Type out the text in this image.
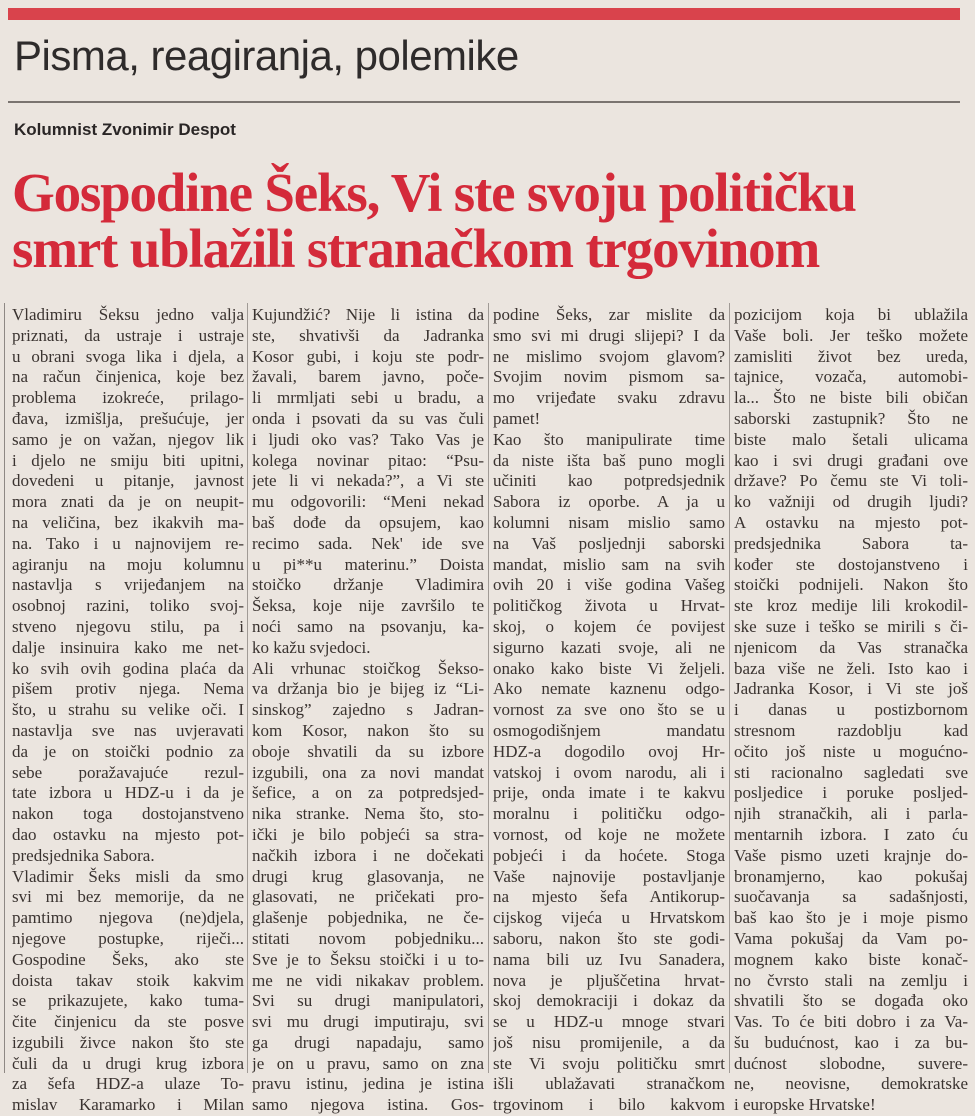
Pisma, reagiranja, polemike
Kolumnist Zvonimir Despot
Gospodine Šeks, Vi ste svoju političku
smrt ublažili stranačkom trgovinom
Vladimiru Šeksu jedno valja
priznati, da ustraje i ustraje
u obrani svoga lika i djela, a
na račun činjenica, koje bez
problema izokreće, prilago-
đava, izmišlja, prešućuje, jer
samo je on važan, njegov lik
i djelo ne smiju biti upitni,
dovedeni u pitanje, javnost
mora znati da je on neupit-
na veličina, bez ikakvih ma-
na. Tako i u najnovijem re-
agiranju na moju kolumnu
nastavlja s vrijeđanjem na
osobnoj razini, toliko svoj-
stveno njegovu stilu, pa i
dalje insinuira kako me net-
ko svih ovih godina plaća da
pišem protiv njega. Nema
što, u strahu su velike oči. I
nastavlja sve nas uvjeravati
da je on stoički podnio za
sebe poražavajuće rezul-
tate izbora u HDZ-u i da je
nakon toga dostojanstveno
dao ostavku na mjesto pot-
predsjednika Sabora.
Vladimir Šeks misli da smo
svi mi bez memorije, da ne
pamtimo njegova (ne)djela,
njegove postupke, riječi...
Gospodine Šeks, ako ste
doista takav stoik kakvim
se prikazujete, kako tuma-
čite činjenicu da ste posve
izgubili živce nakon što ste
čuli da u drugi krug izbora
za šefa HDZ-a ulaze To-
mislav Karamarko i Milan
Kujundžić? Nije li istina da
ste, shvativši da Jadranka
Kosor gubi, i koju ste podr-
žavali, barem javno, poče-
li mrmljati sebi u bradu, a
onda i psovati da su vas čuli
i ljudi oko vas? Tako Vas je
kolega novinar pitao: “Psu-
jete li vi nekada?”, a Vi ste
mu odgovorili: “Meni nekad
baš dođe da opsujem, kao
recimo sada. Nek' ide sve
u pi**u materinu.” Doista
stoičko držanje Vladimira
Šeksa, koje nije završilo te
noći samo na psovanju, ka-
ko kažu svjedoci.
Ali vrhunac stoičkog Šekso-
va držanja bio je bijeg iz “Li-
sinskog” zajedno s Jadran-
kom Kosor, nakon što su
oboje shvatili da su izbore
izgubili, ona za novi mandat
šefice, a on za potpredsjed-
nika stranke. Nema što, sto-
ički je bilo pobjeći sa stra-
načkih izbora i ne dočekati
drugi krug glasovanja, ne
glasovati, ne pričekati pro-
glašenje pobjednika, ne če-
stitati novom pobjedniku...
Sve je to Šeksu stoički i u to-
me ne vidi nikakav problem.
Svi su drugi manipulatori,
svi mu drugi imputiraju, svi
ga drugi napadaju, samo
je on u pravu, samo on zna
pravu istinu, jedina je istina
samo njegova istina. Gos-
podine Šeks, zar mislite da
smo svi mi drugi slijepi? I da
ne mislimo svojom glavom?
Svojim novim pismom sa-
mo vrijeđate svaku zdravu
pamet!
Kao što manipulirate time
da niste išta baš puno mogli
učiniti kao potpredsjednik
Sabora iz oporbe. A ja u
kolumni nisam mislio samo
na Vaš posljednji saborski
mandat, mislio sam na svih
ovih 20 i više godina Vašeg
političkog života u Hrvat-
skoj, o kojem će povijest
sigurno kazati svoje, ali ne
onako kako biste Vi željeli.
Ako nemate kaznenu odgo-
vornost za sve ono što se u
osmogodišnjem mandatu
HDZ-a dogodilo ovoj Hr-
vatskoj i ovom narodu, ali i
prije, onda imate i te kakvu
moralnu i političku odgo-
vornost, od koje ne možete
pobjeći i da hoćete. Stoga
Vaše najnovije postavljanje
na mjesto šefa Antikorup-
cijskog vijeća u Hrvatskom
saboru, nakon što ste godi-
nama bili uz Ivu Sanadera,
nova je pljuščetina hrvat-
skoj demokraciji i dokaz da
se u HDZ-u mnoge stvari
još nisu promijenile, a da
ste Vi svoju političku smrt
išli ublažavati stranačkom
trgovinom i bilo kakvom
pozicijom koja bi ublažila
Vaše boli. Jer teško možete
zamisliti život bez ureda,
tajnice, vozača, automobi-
la... Što ne biste bili običan
saborski zastupnik? Što ne
biste malo šetali ulicama
kao i svi drugi građani ove
države? Po čemu ste Vi toli-
ko važniji od drugih ljudi?
A ostavku na mjesto pot-
predsjednika Sabora ta-
kođer ste dostojanstveno i
stoički podnijeli. Nakon što
ste kroz medije lili krokodil-
ske suze i teško se mirili s či-
njenicom da Vas stranačka
baza više ne želi. Isto kao i
Jadranka Kosor, i Vi ste još
i danas u postizbornom
stresnom razdoblju kad
očito još niste u mogućno-
sti racionalno sagledati sve
posljedice i poruke posljed-
njih stranačkih, ali i parla-
mentarnih izbora. I zato ću
Vaše pismo uzeti krajnje do-
bronamjerno, kao pokušaj
suočavanja sa sadašnjosti,
baš kao što je i moje pismo
Vama pokušaj da Vam po-
mognem kako biste konač-
no čvrsto stali na zemlju i
shvatili što se događa oko
Vas. To će biti dobro i za Va-
šu budućnost, kao i za bu-
dućnost slobodne, suvere-
ne, neovisne, demokratske
i europske Hrvatske!
